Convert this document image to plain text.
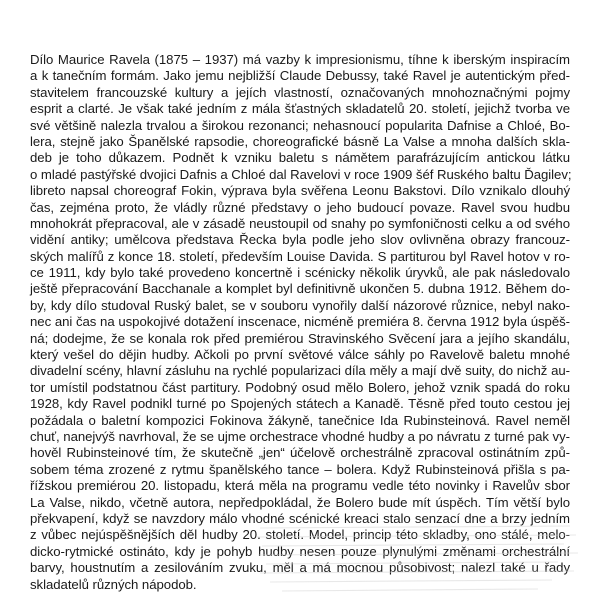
Dílo Maurice Ravela (1875 – 1937) má vazby k impresionismu, tíhne k iberským inspiracím
a k tanečním formám. Jako jemu nejbližší Claude Debussy, také Ravel je autentickým před-
stavitelem francouzské kultury a jejích vlastností, označovaných mnohoznačnými pojmy
esprit a clarté. Je však také jedním z mála šťastných skladatelů 20. století, jejichž tvorba ve
své většině nalezla trvalou a širokou rezonanci; nehasnoucí popularita Dafnise a Chloé, Bo-
lera, stejně jako Španělské rapsodie, choreografické básně La Valse a mnoha dalších skla-
deb je toho důkazem. Podnět k vzniku baletu s námětem parafrázujícím antickou látku
o mladé pastýřské dvojici Dafnis a Chloé dal Ravelovi v roce 1909 šéf Ruského baltu Ďagilev;
libreto napsal choreograf Fokin, výprava byla svěřena Leonu Bakstovi. Dílo vznikalo dlouhý
čas, zejména proto, že vládly různé představy o jeho budoucí povaze. Ravel svou hudbu
mnohokrát přepracoval, ale v zásadě neustoupil od snahy po symfoničnosti celku a od svého
vidění antiky; umělcova představa Řecka byla podle jeho slov ovlivněna obrazy francouz-
ských malířů z konce 18. století, především Louise Davida. S partiturou byl Ravel hotov v ro-
ce 1911, kdy bylo také provedeno koncertně i scénicky několik úryvků, ale pak následovalo
ještě přepracování Bacchanale a komplet byl definitivně ukončen 5. dubna 1912. Během do-
by, kdy dílo studoval Ruský balet, se v souboru vynořily další názorové různice, nebyl nako-
nec ani čas na uspokojivé dotažení inscenace, nicméně premiéra 8. června 1912 byla úspěš-
ná; dodejme, že se konala rok před premiérou Stravinského Svěcení jara a jejího skandálu,
který vešel do dějin hudby. Ačkoli po první světové válce sáhly po Ravelově baletu mnohé
divadelní scény, hlavní zásluhu na rychlé popularizaci díla měly a mají dvě suity, do nichž au-
tor umístil podstatnou část partitury. Podobný osud mělo Bolero, jehož vznik spadá do roku
1928, kdy Ravel podnikl turné po Spojených státech a Kanadě. Těsně před touto cestou jej
požádala o baletní kompozici Fokinova žákyně, tanečnice Ida Rubinsteinová. Ravel neměl
chuť, nanejvýš navrhoval, že se ujme orchestrace vhodné hudby a po návratu z turné pak vy-
hověl Rubinsteinové tím, že skutečně „jen“ účelově orchestrálně zpracoval ostinátním způ-
sobem téma zrozené z rytmu španělského tance – bolera. Když Rubinsteinová přišla s pa-
řížskou premiérou 20. listopadu, která měla na programu vedle této novinky i Ravelův sbor
La Valse, nikdo, včetně autora, nepředpokládal, že Bolero bude mít úspěch. Tím větší bylo
překvapení, když se navzdory málo vhodné scénické kreaci stalo senzací dne a brzy jedním
z vůbec nejúspěšnějších děl hudby 20. století. Model, princip této skladby, ono stálé, melo-
dicko-rytmické ostináto, kdy je pohyb hudby nesen pouze plynulými změnami orchestrální
barvy, houstnutím a zesilováním zvuku, měl a má mocnou působivost; nalezl také u řady
skladatelů různých nápodob.
